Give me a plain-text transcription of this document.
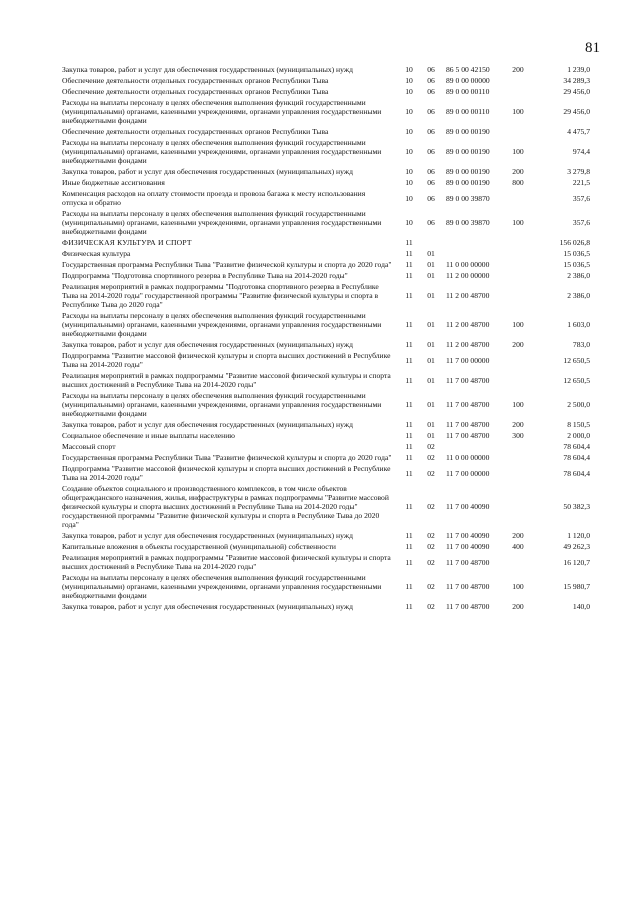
81
Закупка товаров, работ и услуг для обеспечения государственных (муниципальных) нужд	10	06	86 5 00 42150	200	1 239,0
Обеспечение деятельности отдельных государственных органов Республики Тыва	10	06	89 0 00 00000		34 289,3
Обеспечение деятельности отдельных государственных органов Республики Тыва	10	06	89 0 00 00110		29 456,0
Расходы на выплаты персоналу в целях обеспечения выполнения функций государственными (муниципальными) органами, казенными учреждениями, органами управления государственными внебюджетными фондами	10	06	89 0 00 00110	100	29 456,0
Обеспечение деятельности отдельных государственных органов Республики Тыва	10	06	89 0 00 00190		4 475,7
Расходы на выплаты персоналу в целях обеспечения выполнения функций государственными (муниципальными) органами, казенными учреждениями, органами управления государственными внебюджетными фондами	10	06	89 0 00 00190	100	974,4
Закупка товаров, работ и услуг для обеспечения государственных (муниципальных) нужд	10	06	89 0 00 00190	200	3 279,8
Иные бюджетные ассигнования	10	06	89 0 00 00190	800	221,5
Компенсация расходов на оплату стоимости проезда и провоза багажа к месту использования отпуска и обратно	10	06	89 0 00 39870		357,6
Расходы на выплаты персоналу в целях обеспечения выполнения функций государственными (муниципальными) органами, казенными учреждениями, органами управления государственными внебюджетными фондами	10	06	89 0 00 39870	100	357,6
ФИЗИЧЕСКАЯ КУЛЬТУРА И СПОРТ	11				156 026,8
Физическая культура	11	01			15 036,5
Государственная программа Республики Тыва "Развитие физической культуры и спорта до 2020 года"	11	01	11 0 00 00000		15 036,5
Подпрограмма "Подготовка спортивного резерва в Республике Тыва на 2014-2020 годы"	11	01	11 2 00 00000		2 386,0
Реализация мероприятий в рамках подпрограммы "Подготовка спортивного резерва в Республике Тыва на 2014-2020 годы" государственной программы "Развитие физической культуры и спорта в Республике Тыва до 2020 года"	11	01	11 2 00 48700		2 386,0
Расходы на выплаты персоналу в целях обеспечения выполнения функций государственными (муниципальными) органами, казенными учреждениями, органами управления государственными внебюджетными фондами	11	01	11 2 00 48700	100	1 603,0
Закупка товаров, работ и услуг для обеспечения государственных (муниципальных) нужд	11	01	11 2 00 48700	200	783,0
Подпрограмма "Развитие массовой физической культуры и спорта высших достижений в Республике Тыва на 2014-2020 годы"	11	01	11 7 00 00000		12 650,5
Реализация мероприятий в рамках подпрограммы "Развитие массовой физической культуры и спорта высших достижений в Республике Тыва на 2014-2020 годы"	11	01	11 7 00 48700		12 650,5
Расходы на выплаты персоналу в целях обеспечения выполнения функций государственными (муниципальными) органами, казенными учреждениями, органами управления государственными внебюджетными фондами	11	01	11 7 00 48700	100	2 500,0
Закупка товаров, работ и услуг для обеспечения государственных (муниципальных) нужд	11	01	11 7 00 48700	200	8 150,5
Социальное обеспечение и иные выплаты населению	11	01	11 7 00 48700	300	2 000,0
Массовый спорт	11	02			78 604,4
Государственная программа Республики Тыва "Развитие физической культуры и спорта до 2020 года"	11	02	11 0 00 00000		78 604,4
Подпрограмма "Развитие массовой физической культуры и спорта высших достижений в Республике Тыва на 2014-2020 годы"	11	02	11 7 00 00000		78 604,4
Создание объектов социального и производственного комплексов, в том числе объектов общегражданского назначения, жилья, инфраструктуры в рамках подпрограммы "Развитие массовой физической культуры и спорта высших достижений в Республике Тыва на 2014-2020 годы" государственной программы "Развитие физической культуры и спорта в Республике Тыва до 2020 года"	11	02	11 7 00 40090		50 382,3
Закупка товаров, работ и услуг для обеспечения государственных (муниципальных) нужд	11	02	11 7 00 40090	200	1 120,0
Капитальные вложения в объекты государственной (муниципальной) собственности	11	02	11 7 00 40090	400	49 262,3
Реализация мероприятий в рамках подпрограммы "Развитие массовой физической культуры и спорта высших достижений в Республике Тыва на 2014-2020 годы"	11	02	11 7 00 48700		16 120,7
Расходы на выплаты персоналу в целях обеспечения выполнения функций государственными (муниципальными) органами, казенными учреждениями, органами управления государственными внебюджетными фондами	11	02	11 7 00 48700	100	15 980,7
Закупка товаров, работ и услуг для обеспечения государственных (муниципальных) нужд	11	02	11 7 00 48700	200	140,0
